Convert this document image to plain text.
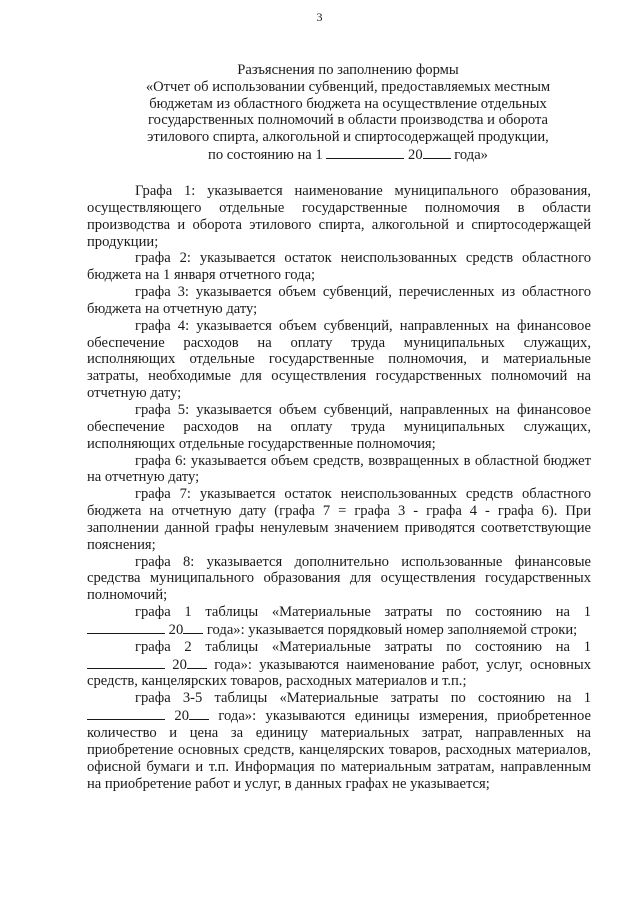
3
Разъяснения по заполнению формы
«Отчет об использовании субвенций, предоставляемых местным
бюджетам из областного бюджета на осуществление отдельных
государственных полномочий в области производства и оборота
этилового спирта, алкогольной и спиртосодержащей продукции,
по состоянию на 1	20 года»

Графа 1: указывается наименование муниципального образования, осуществляющего отдельные государственные полномочия в области производства и оборота этилового спирта, алкогольной и спиртосодержащей продукции;

графа 2: указывается остаток неиспользованных средств областного бюджета на 1 января отчетного года;

графа 3: указывается объем субвенций, перечисленных из областного бюджета на отчетную дату;

графа 4: указывается объем субвенций, направленных на финансовое обеспечение расходов на оплату труда муниципальных служащих, исполняющих отдельные государственные полномочия, и материальные затраты, необходимые для осуществления государственных полномочий на отчетную дату;

графа 5: указывается объем субвенций, направленных на финансовое обеспечение расходов на оплату труда муниципальных служащих, исполняющих отдельные государственные полномочия;

графа 6: указывается объем средств, возвращенных в областной бюджет на отчетную дату;

графа 7: указывается остаток неиспользованных средств областного бюджета на отчетную дату (графа 7 = графа 3 - графа 4 - графа 6). При заполнении данной графы ненулевым значением приводятся соответствующие пояснения;

графа 8: указывается дополнительно использованные финансовые средства муниципального образования для осуществления государственных полномочий;

графа 1 таблицы «Материальные затраты по состоянию на 1  20 года»: указывается порядковый номер заполняемой строки;

графа 2 таблицы «Материальные затраты по состоянию на 1  20 года»: указываются наименование работ, услуг, основных средств, канцелярских товаров, расходных материалов и т.п.;

графа 3-5 таблицы «Материальные затраты по состоянию на 1  20 года»: указываются единицы измерения, приобретенное количество и цена за единицу материальных затрат, направленных на приобретение основных средств, канцелярских товаров, расходных материалов, офисной бумаги и т.п. Информация по материальным затратам, направленным на приобретение работ и услуг, в данных графах не указывается;
